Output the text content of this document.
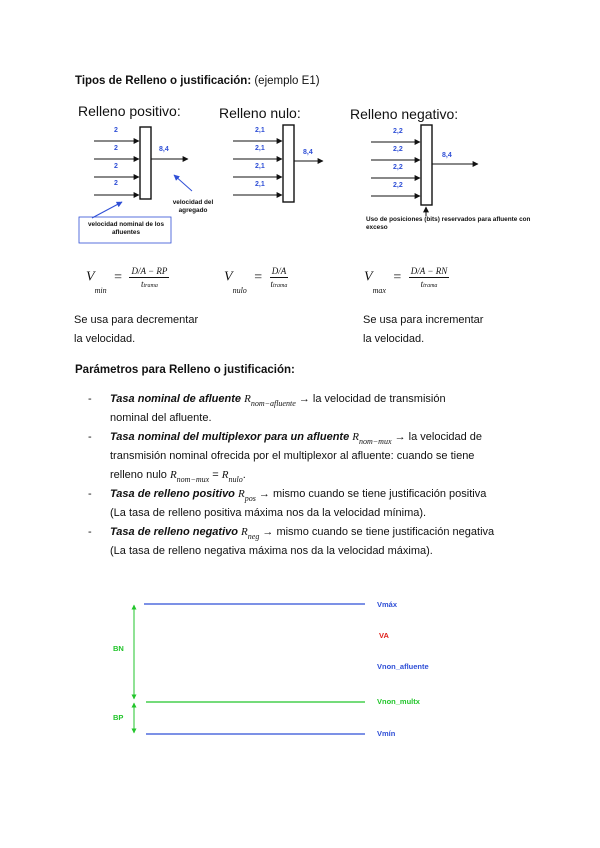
Tipos de Relleno o justificación: (ejemplo E1)
Relleno positivo:
2
2
2
2
8,4
velocidad del agregado
velocidad nominal de los afluentes
Relleno nulo:
2,1
2,1
2,1
2,1
8,4
Relleno negativo:
2,2
2,2
2,2
2,2
8,4
Uso de posiciones (bits) reservados para afluente con exceso
$V_{min} = \frac{D/A - RP}{\text{ttrama}}$	$V_{nulo} = \frac{D/A}{\text{ttrama}}$	$V_{max} = \frac{D/A - RN}{\text{ttrama}}$
Se usa para decrementar
la velocidad.
Se usa para incrementar
la velocidad.
Parámetros para Relleno o justificación:
- Tasa nominal de afluente $R_{nom-afluente}$ → la velocidad de transmisión
nominal del afluente.
- Tasa nominal del multiplexor para un afluente $R_{nom-mux}$ → la velocidad de
transmisión nominal ofrecida por el multiplexor al afluente: cuando se tiene
relleno nulo $R_{nom-mux} = R_{nulo}$.
- Tasa de relleno positivo $R_{pos}$ → mismo cuando se tiene justificación positiva
(La tasa de relleno positiva máxima nos da la velocidad mínima).
- Tasa de relleno negativo $R_{neg}$ → mismo cuando se tiene justificación negativa
(La tasa de relleno negativa máxima nos da la velocidad máxima).
Vmáx
VA
Vnon_afluente
Vnon_multx
Vmín
BN
BP
